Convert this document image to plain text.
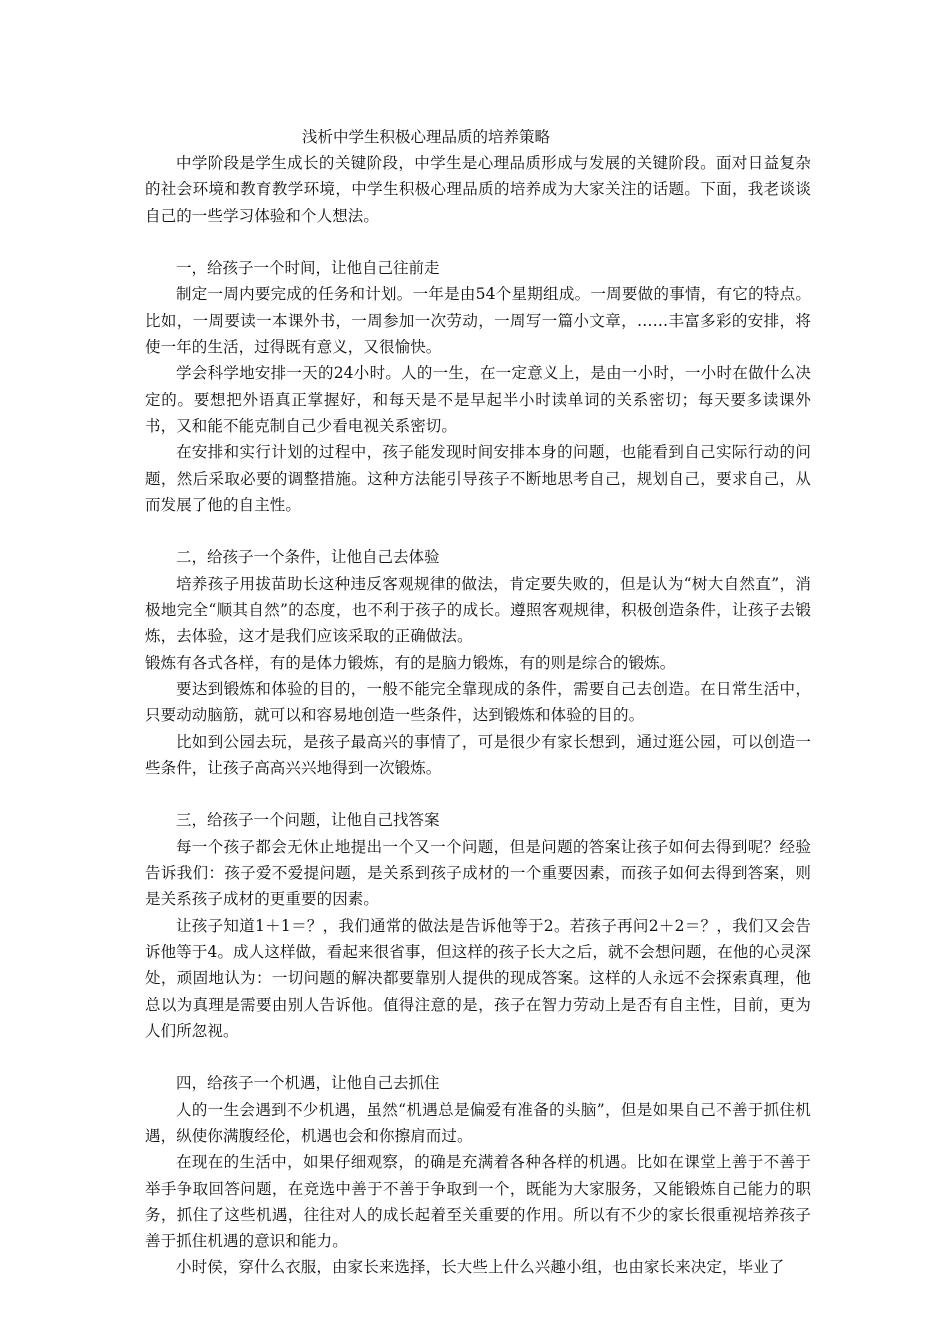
浅析中学生积极心理品质的培养策略

中学阶段是学生成长的关键阶段，中学生是心理品质形成与发展的关键阶段。面对日益复杂的社会环境和教育教学环境，中学生积极心理品质的培养成为大家关注的话题。下面，我老谈谈自己的一些学习体验和个人想法。

一，给孩子一个时间，让他自己往前走

制定一周内要完成的任务和计划。一年是由54个星期组成。一周要做的事情，有它的特点。比如，一周要读一本课外书，一周参加一次劳动，一周写一篇小文章，……丰富多彩的安排，将使一年的生活，过得既有意义，又很愉快。

学会科学地安排一天的24小时。人的一生，在一定意义上，是由一小时，一小时在做什么决定的。要想把外语真正掌握好，和每天是不是早起半小时读单词的关系密切；每天要多读课外书，又和能不能克制自己少看电视关系密切。

在安排和实行计划的过程中，孩子能发现时间安排本身的问题，也能看到自己实际行动的问题，然后采取必要的调整措施。这种方法能引导孩子不断地思考自己，规划自己，要求自己，从而发展了他的自主性。

二，给孩子一个条件，让他自己去体验

培养孩子用拔苗助长这种违反客观规律的做法，肯定要失败的，但是认为“树大自然直”，消极地完全“顺其自然”的态度，也不利于孩子的成长。遵照客观规律，积极创造条件，让孩子去锻炼，去体验，这才是我们应该采取的正确做法。

锻炼有各式各样，有的是体力锻炼，有的是脑力锻炼，有的则是综合的锻炼。

要达到锻炼和体验的目的，一般不能完全靠现成的条件，需要自己去创造。在日常生活中，只要动动脑筋，就可以和容易地创造一些条件，达到锻炼和体验的目的。

比如到公园去玩，是孩子最高兴的事情了，可是很少有家长想到，通过逛公园，可以创造一些条件，让孩子高高兴兴地得到一次锻炼。

三，给孩子一个问题，让他自己找答案

每一个孩子都会无休止地提出一个又一个问题，但是问题的答案让孩子如何去得到呢？经验告诉我们：孩子爱不爱提问题，是关系到孩子成材的一个重要因素，而孩子如何去得到答案，则是关系孩子成材的更重要的因素。

让孩子知道1＋1＝？，我们通常的做法是告诉他等于2。若孩子再问2＋2＝？，我们又会告诉他等于4。成人这样做，看起来很省事，但这样的孩子长大之后，就不会想问题，在他的心灵深处，顽固地认为：一切问题的解决都要靠别人提供的现成答案。这样的人永远不会探索真理，他总以为真理是需要由别人告诉他。值得注意的是，孩子在智力劳动上是否有自主性，目前，更为人们所忽视。

四，给孩子一个机遇，让他自己去抓住

人的一生会遇到不少机遇，虽然“机遇总是偏爱有准备的头脑”，但是如果自己不善于抓住机遇，纵使你满腹经伦，机遇也会和你擦肩而过。

在现在的生活中，如果仔细观察，的确是充满着各种各样的机遇。比如在课堂上善于不善于举手争取回答问题，在竞选中善于不善于争取到一个，既能为大家服务，又能锻炼自己能力的职务，抓住了这些机遇，往往对人的成长起着至关重要的作用。所以有不少的家长很重视培养孩子善于抓住机遇的意识和能力。

小时侯，穿什么衣服，由家长来选择，长大些上什么兴趣小组，也由家长来决定，毕业了
